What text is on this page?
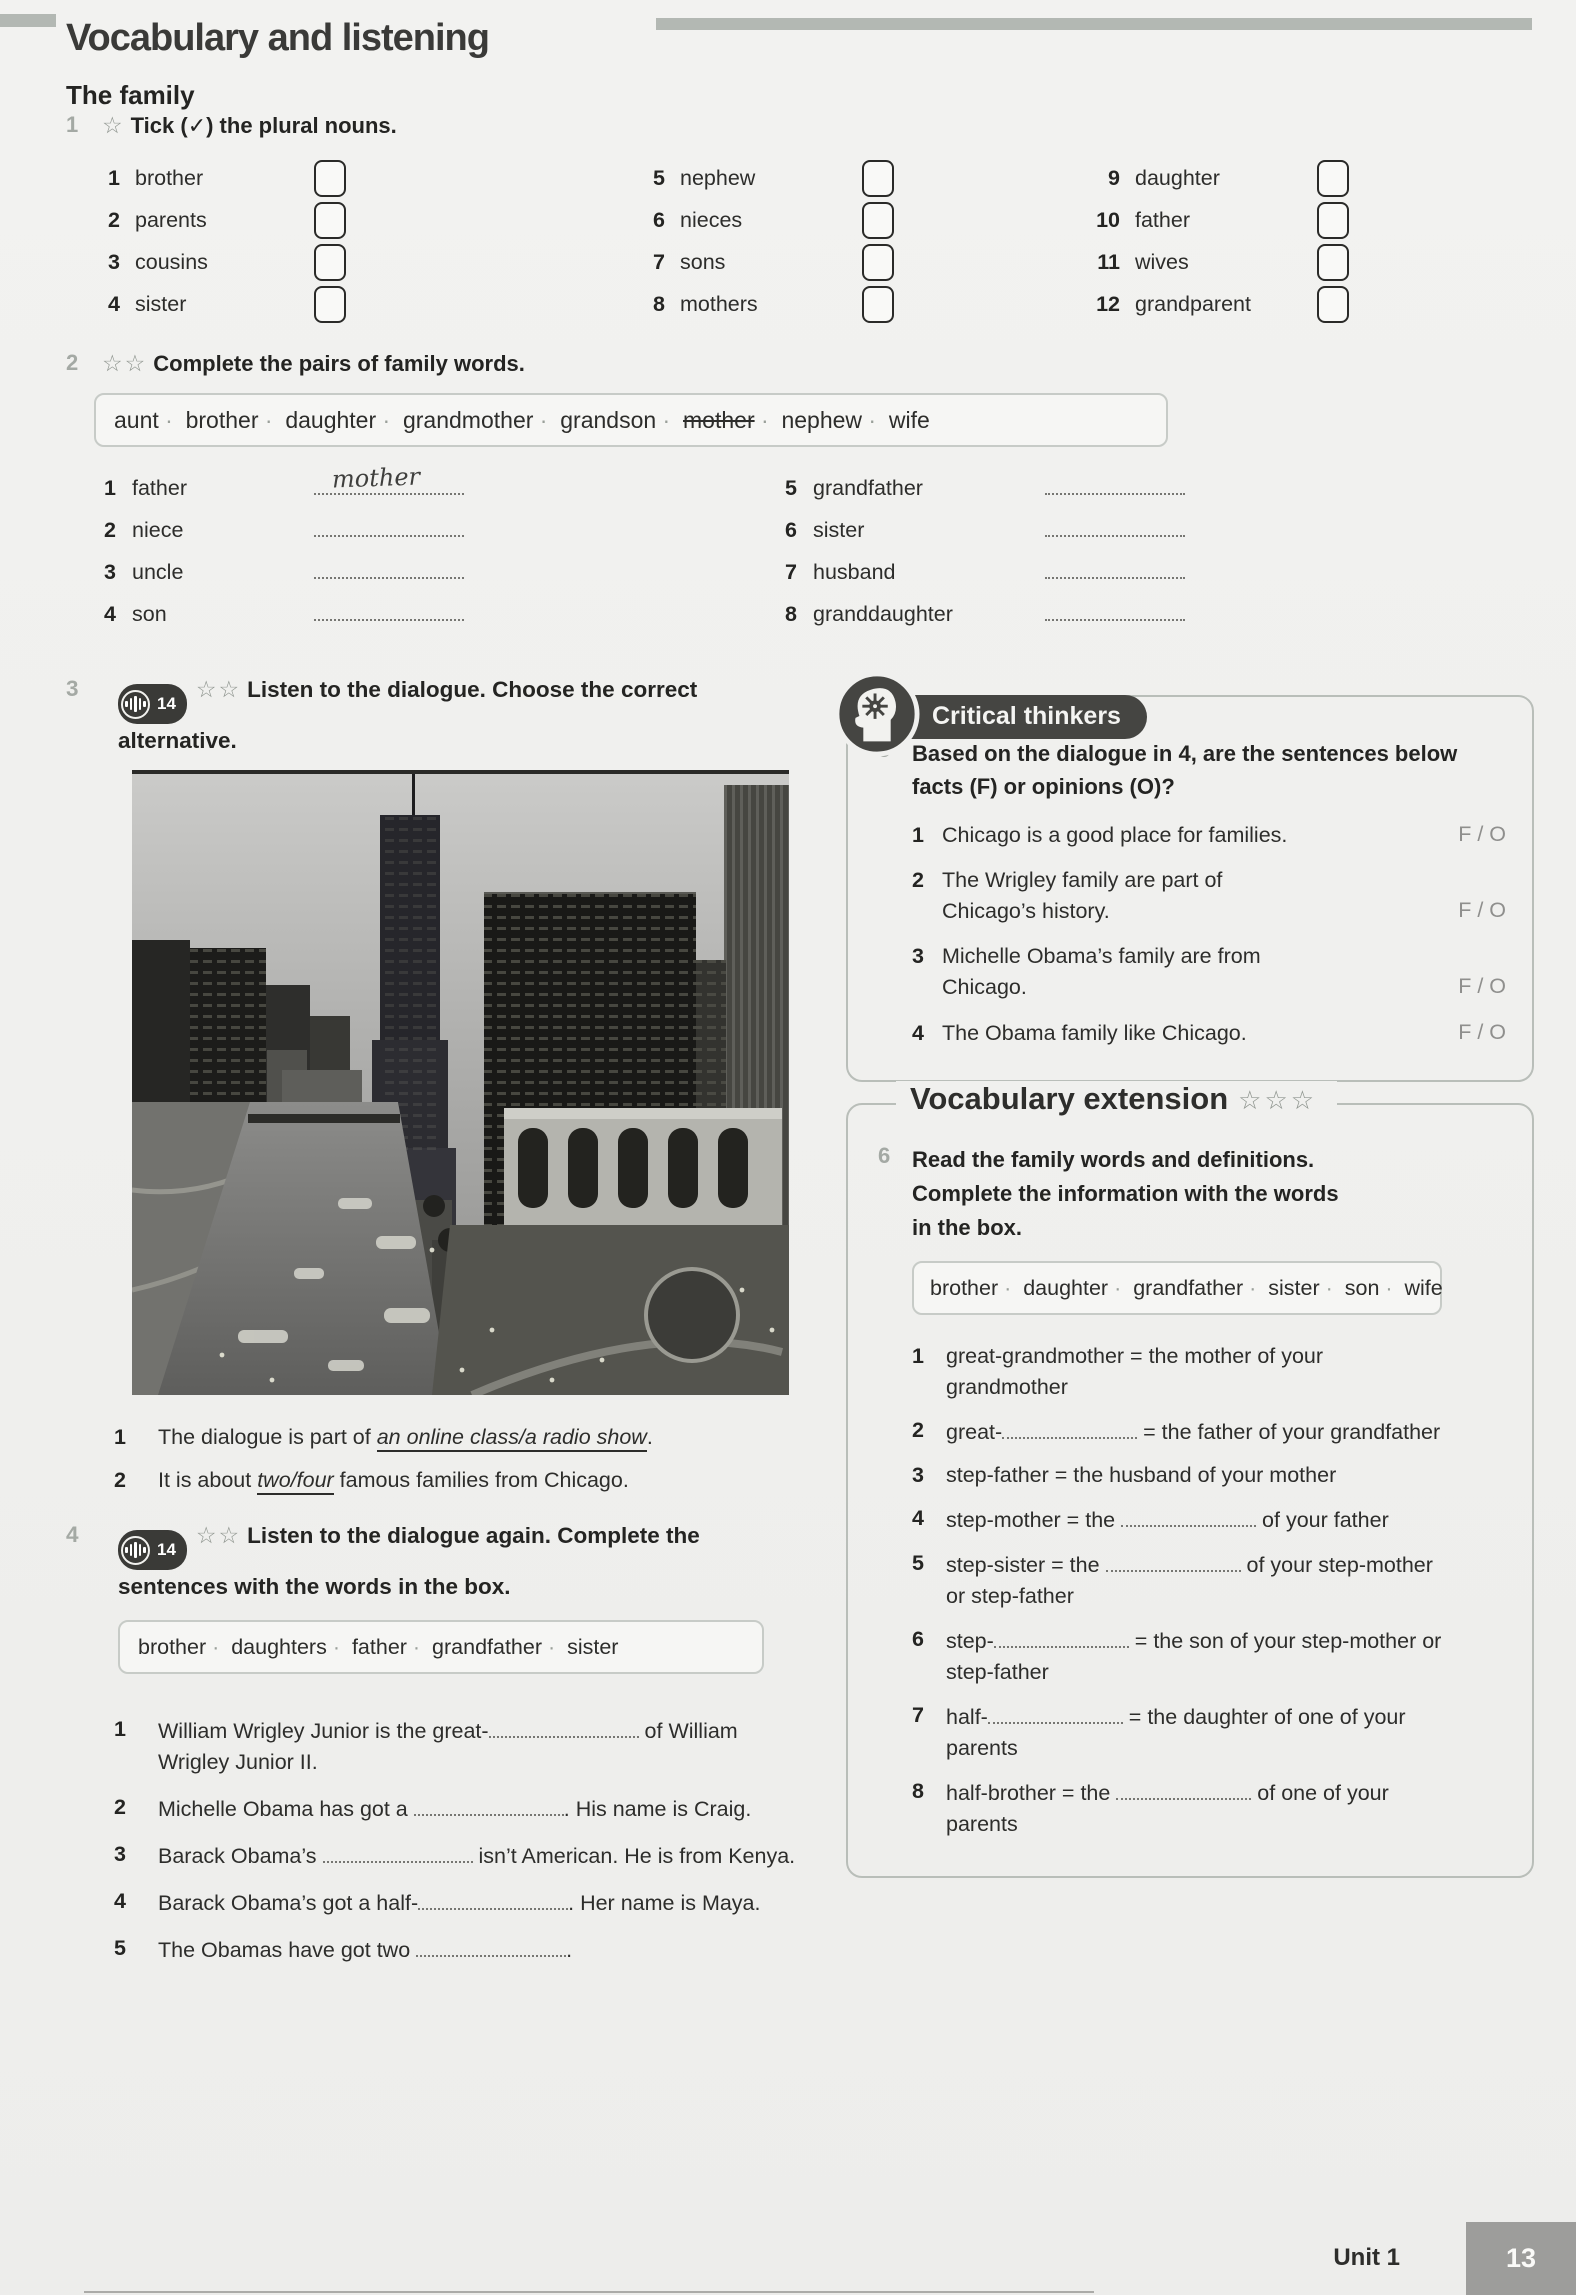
Vocabulary and listening
The family
1 ☆ Tick (✓) the plural nouns.
1 brother
2 parents
3 cousins
4 sister
5 nephew
6 nieces
7 sons
8 mothers
9 daughter
10 father
11 wives
12 grandparent
2 ☆☆ Complete the pairs of family words.
aunt · brother · daughter · grandmother · grandson · mother · nephew · wife
1 father	mother
2 niece
3 uncle
4 son
5 grandfather
6 sister
7 husband
8 granddaughter
3
14
☆☆ Listen to the dialogue. Choose the correct alternative.
1 The dialogue is part of an online class/a radio show.
2 It is about two/four famous families from Chicago.
4
14
☆☆ Listen to the dialogue again. Complete the sentences with the words in the box.
brother · daughters · father · grandfather · sister
1 William Wrigley Junior is the great-	of William Wrigley Junior II.
2 Michelle Obama has got a	. His name is Craig.
3 Barack Obama’s	isn’t American. He is from Kenya.
4 Barack Obama’s got a half-	. Her name is Maya.
5 The Obamas have got two	.
Critical thinkers
Based on the dialogue in 4, are the sentences below facts (F) or opinions (O)?
1 Chicago is a good place for families.	F / O
2 The Wrigley family are part of Chicago’s history.	F / O
3 Michelle Obama’s family are from Chicago.	F / O
4 The Obama family like Chicago.	F / O
Vocabulary extension ☆☆☆
6 Read the family words and definitions. Complete the information with the words in the box.
brother · daughter · grandfather · sister · son · wife
1 great-grandmother = the mother of your grandmother
2 great-	= the father of your grandfather
3 step-father = the husband of your mother
4 step-mother = the	of your father
5 step-sister = the	of your step-mother or step-father
6 step-	= the son of your step-mother or step-father
7 half-	= the daughter of one of your parents
8 half-brother = the	of one of your parents
Unit 1	13
